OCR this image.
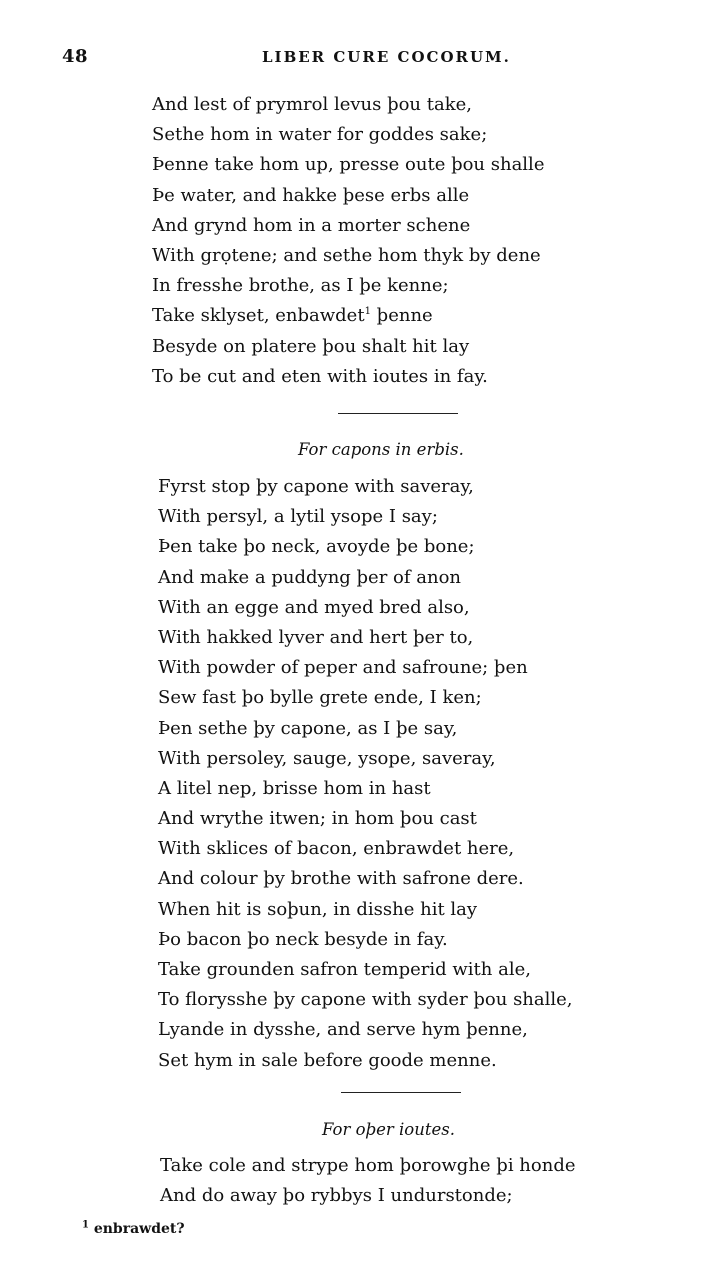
48	LIBER CURE COCORUM.
And lest of prymrol levus þou take,
Sethe hom in water for goddes sake;
Þenne take hom up, presse oute þou shalle
Þe water, and hakke þese erbs alle
And grynd hom in a morter schene
With grọtene; and sethe hom thyk by dene
In fresshe brothe, as I þe kenne;
Take sklyset, enbawdet$^1$ þenne
Besyde on platere þou shalt hit lay
To be cut and eten with ioutes in fay.
For capons in erbis.
Fyrst stop þy capone with saveray,
With persyl, a lytil ysope I say;
Þen take þo neck, avoyde þe bone;
And make a puddyng þer of anon
With an egge and myed bred also,
With hakked lyver and hert þer to,
With powder of peper and safroune; þen
Sew fast þo bylle grete ende, I ken;
Þen sethe þy capone, as I þe say,
With persoley, sauge, ysope, saveray,
A litel nep, brisse hom in hast
And wrythe itwen; in hom þou cast
With sklices of bacon, enbrawdet here,
And colour þy brothe with safrone dere.
When hit is soþun, in disshe hit lay
Þo bacon þo neck besyde in fay.
Take grounden safron temperid with ale,
To florysshe þy capone with syder þou shalle,
Lyande in dysshe, and serve hym þenne,
Set hym in sale before goode menne.
For oþer ioutes.
Take cole and strype hom þorowghe þi honde
And do away þo rybbys I undurstonde;
$^1$ enbrawdet?
